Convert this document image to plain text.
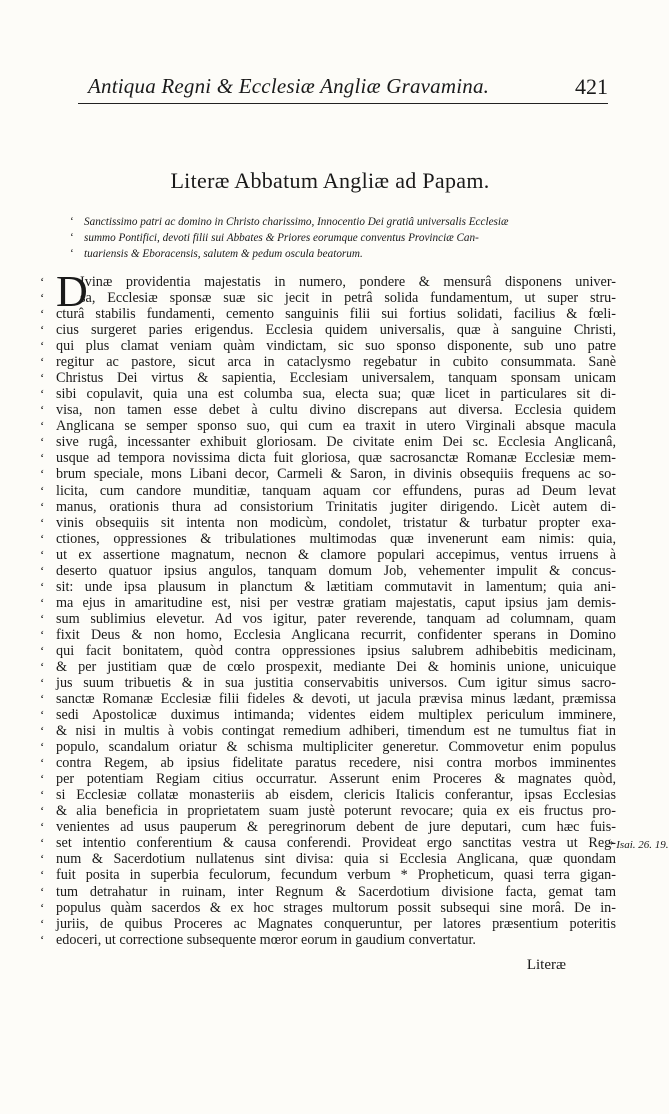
Antiqua Regni & Ecclesiæ Angliæ Gravamina.	421
Literæ Abbatum Angliæ ad Papam.
‘ Sanctissimo patri ac domino in Christo charissimo, Innocentio Dei gratiâ universalis Ecclesiæ
‘ summo Pontifici, devoti filii sui Abbates & Priores eorumque conventus Provinciæ Can-
‘ tuariensis & Eboracensis, salutem & pedum oscula beatorum.
D
‘	Ivinæ providentia majestatis in numero, pondere & mensurâ disponens univer-
‘	sa, Ecclesiæ sponsæ suæ sic jecit in petrâ solida fundamentum, ut super stru-
‘ cturâ stabilis fundamenti, cemento sanguinis filii sui fortius solidati, facilius & fœli-
‘ cius surgeret paries erigendus. Ecclesia quidem universalis, quæ à sanguine Christi,
‘ qui plus clamat veniam quàm vindictam, sic suo sponso disponente, sub uno patre
‘ regitur ac pastore, sicut arca in cataclysmo regebatur in cubito consummata. Sanè
‘ Christus Dei virtus & sapientia, Ecclesiam universalem, tanquam sponsam unicam
‘ sibi copulavit, quia una est columba sua, electa sua; quæ licet in particulares sit di-
‘ visa, non tamen esse debet à cultu divino discrepans aut diversa. Ecclesia quidem
‘ Anglicana se semper sponso suo, qui cum ea traxit in utero Virginali absque macula
‘ sive rugâ, incessanter exhibuit gloriosam. De civitate enim Dei sc. Ecclesia Anglicanâ,
‘ usque ad tempora novissima dicta fuit gloriosa, quæ sacrosanctæ Romanæ Ecclesiæ mem-
‘ brum speciale, mons Libani decor, Carmeli & Saron, in divinis obsequiis frequens ac so-
‘ licita, cum candore munditiæ, tanquam aquam cor effundens, puras ad Deum levat
‘ manus, orationis thura ad consistorium Trinitatis jugiter dirigendo. Licèt autem di-
‘ vinis obsequiis sit intenta non modicùm, condolet, tristatur & turbatur propter exa-
‘ ctiones, oppressiones & tribulationes multimodas quæ invenerunt eam nimis: quia,
‘ ut ex assertione magnatum, necnon & clamore populari accepimus, ventus irruens à
‘ deserto quatuor ipsius angulos, tanquam domum Job, vehementer impulit & concus-
‘ sit: unde ipsa plausum in planctum & lætitiam commutavit in lamentum; quia ani-
‘ ma ejus in amaritudine est, nisi per vestræ gratiam majestatis, caput ipsius jam demis-
‘ sum sublimius elevetur. Ad vos igitur, pater reverende, tanquam ad columnam, quam
‘ fixit Deus & non homo, Ecclesia Anglicana recurrit, confidenter sperans in Domino
‘ qui facit bonitatem, quòd contra oppressiones ipsius salubrem adhibebitis medicinam,
‘ & per justitiam quæ de cœlo prospexit, mediante Dei & hominis unione, unicuique
‘ jus suum tribuetis & in sua justitia conservabitis universos. Cum igitur simus sacro-
‘ sanctæ Romanæ Ecclesiæ filii fideles & devoti, ut jacula prævisa minus lædant, præmissa
‘ sedi Apostolicæ duximus intimanda; videntes eidem multiplex periculum imminere,
‘ & nisi in multis à vobis contingat remedium adhiberi, timendum est ne tumultus fiat in
‘ populo, scandalum oriatur & schisma multipliciter generetur. Commovetur enim populus
‘ contra Regem, ab ipsius fidelitate paratus recedere, nisi contra morbos imminentes
‘ per potentiam Regiam citius occurratur. Asserunt enim Proceres & magnates quòd,
‘ si Ecclesiæ collatæ monasteriis ab eisdem, clericis Italicis conferantur, ipsas Ecclesias
‘ & alia beneficia in proprietatem suam justè poterunt revocare; quia ex eis fructus pro-
‘ venientes ad usus pauperum & peregrinorum debent de jure deputari, cum hæc fuis-
‘ set intentio conferentium & causa conferendi. Provideat ergo sanctitas vestra ut Reg-
‘ num & Sacerdotium nullatenus sint divisa: quia si Ecclesia Anglicana, quæ quondam
‘ fuit posita in superbia feculorum, fecundum verbum * Propheticum, quasi terra gigan-
‘ tum detrahatur in ruinam, inter Regnum & Sacerdotium divisione facta, gemat tam
‘ populus quàm sacerdos & ex hoc strages multorum possit subsequi sine morâ. De in-
‘ juriis, de quibus Proceres ac Magnates conqueruntur, per latores præsentium poteritis
‘ edoceri, ut correctione subsequente mœror eorum in gaudium convertatur.
* Isai. 26. 19.
Literæ
